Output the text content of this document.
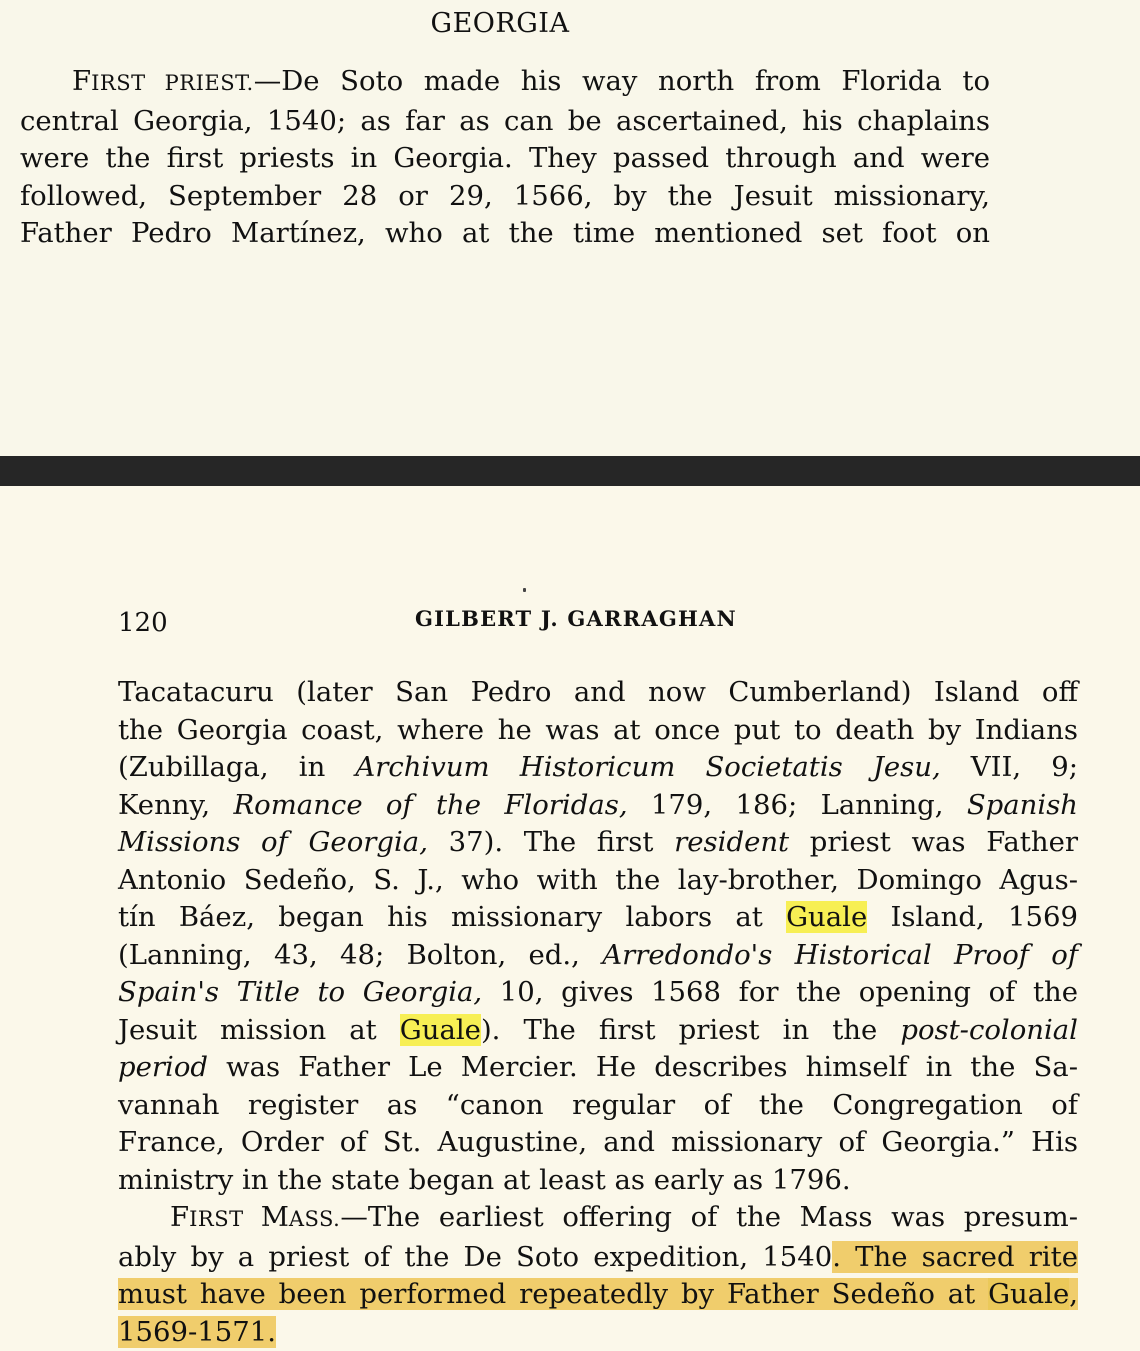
GEORGIA
FIRST PRIEST.—De Soto made his way north from Florida to
central Georgia, 1540; as far as can be ascertained, his chaplains
were the first priests in Georgia. They passed through and were
followed, September 28 or 29, 1566, by the Jesuit missionary,
Father Pedro Martínez, who at the time mentioned set foot on
120	GILBERT J. GARRAGHAN
Tacatacuru (later San Pedro and now Cumberland) Island off
the Georgia coast, where he was at once put to death by Indians
(Zubillaga, in Archivum Historicum Societatis Jesu, VII, 9;
Kenny, Romance of the Floridas, 179, 186; Lanning, Spanish
Missions of Georgia, 37). The first resident priest was Father
Antonio Sedeño, S. J., who with the lay-brother, Domingo Agus-
tín Báez, began his missionary labors at Guale Island, 1569
(Lanning, 43, 48; Bolton, ed., Arredondo's Historical Proof of
Spain's Title to Georgia, 10, gives 1568 for the opening of the
Jesuit mission at Guale). The first priest in the post-colonial
period was Father Le Mercier. He describes himself in the Sa-
vannah register as “canon regular of the Congregation of
France, Order of St. Augustine, and missionary of Georgia.” His
ministry in the state began at least as early as 1796.
FIRST MASS.—The earliest offering of the Mass was presum-
ably by a priest of the De Soto expedition, 1540. The sacred rite
must have been performed repeatedly by Father Sedeño at Guale,
1569-1571.
